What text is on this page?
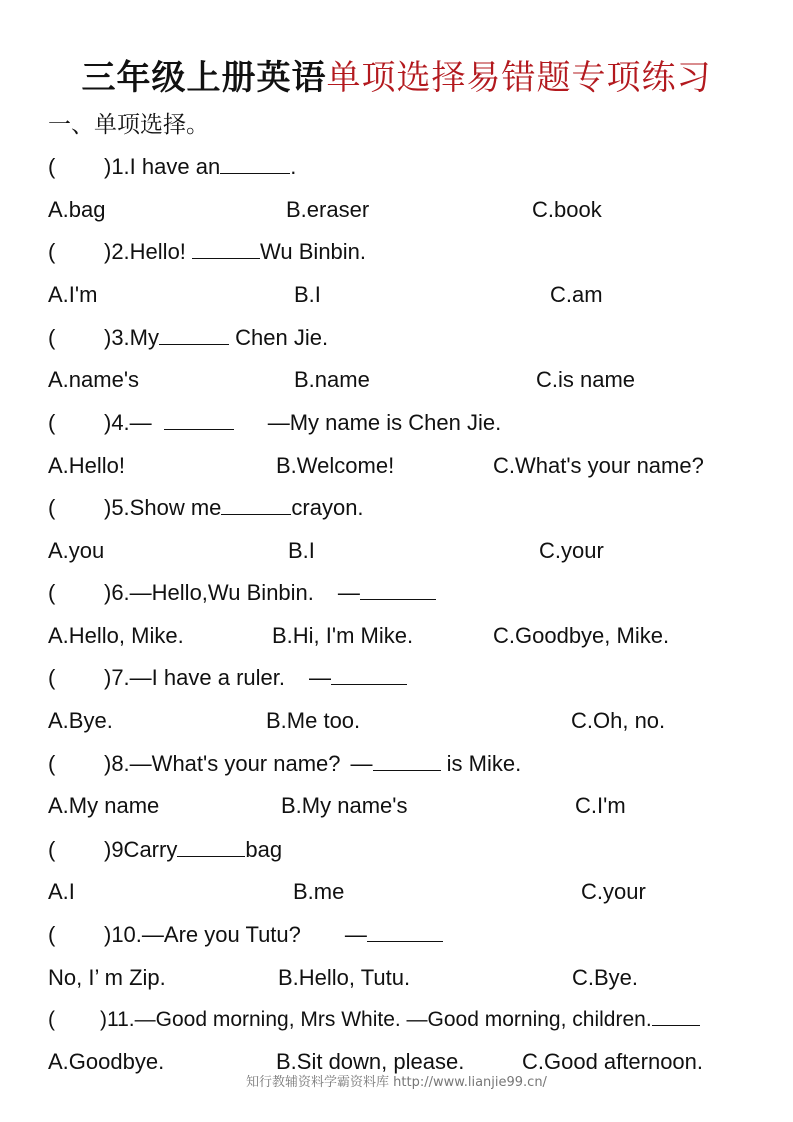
三年级上册英语单项选择易错题专项练习
一、单项选择。
( )1.I have an	.
A.bag	B.eraser	C.book
( )2.Hello!	Wu Binbin.
A.I'm	B.I	C.am
( )3.My	Chen Jie.
A.name's	B.name	C.is name
( )4.—	—My name is Chen Jie.
A.Hello!	B.Welcome!	C.What's your name?
( )5.Show me	crayon.
A.you	B.I	C.your
( )6.—Hello,Wu Binbin. —
A.Hello, Mike.	B.Hi, I'm Mike.	C.Goodbye, Mike.
( )7.—I have a ruler. —
A.Bye.	B.Me too.	C.Oh, no.
( )8.—What's your name? —	is Mike.
A.My name	B.My name's	C.I'm
( )9Carry	bag
A.I	B.me	C.your
( )10.—Are you Tutu? —
No, I’ m Zip.	B.Hello, Tutu.	C.Bye.
( )11.—Good morning, Mrs White. —Good morning, children.
A.Goodbye.	B.Sit down, please.	C.Good afternoon.
知行教辅资料学霸资料库 http://www.lianjie99.cn/
